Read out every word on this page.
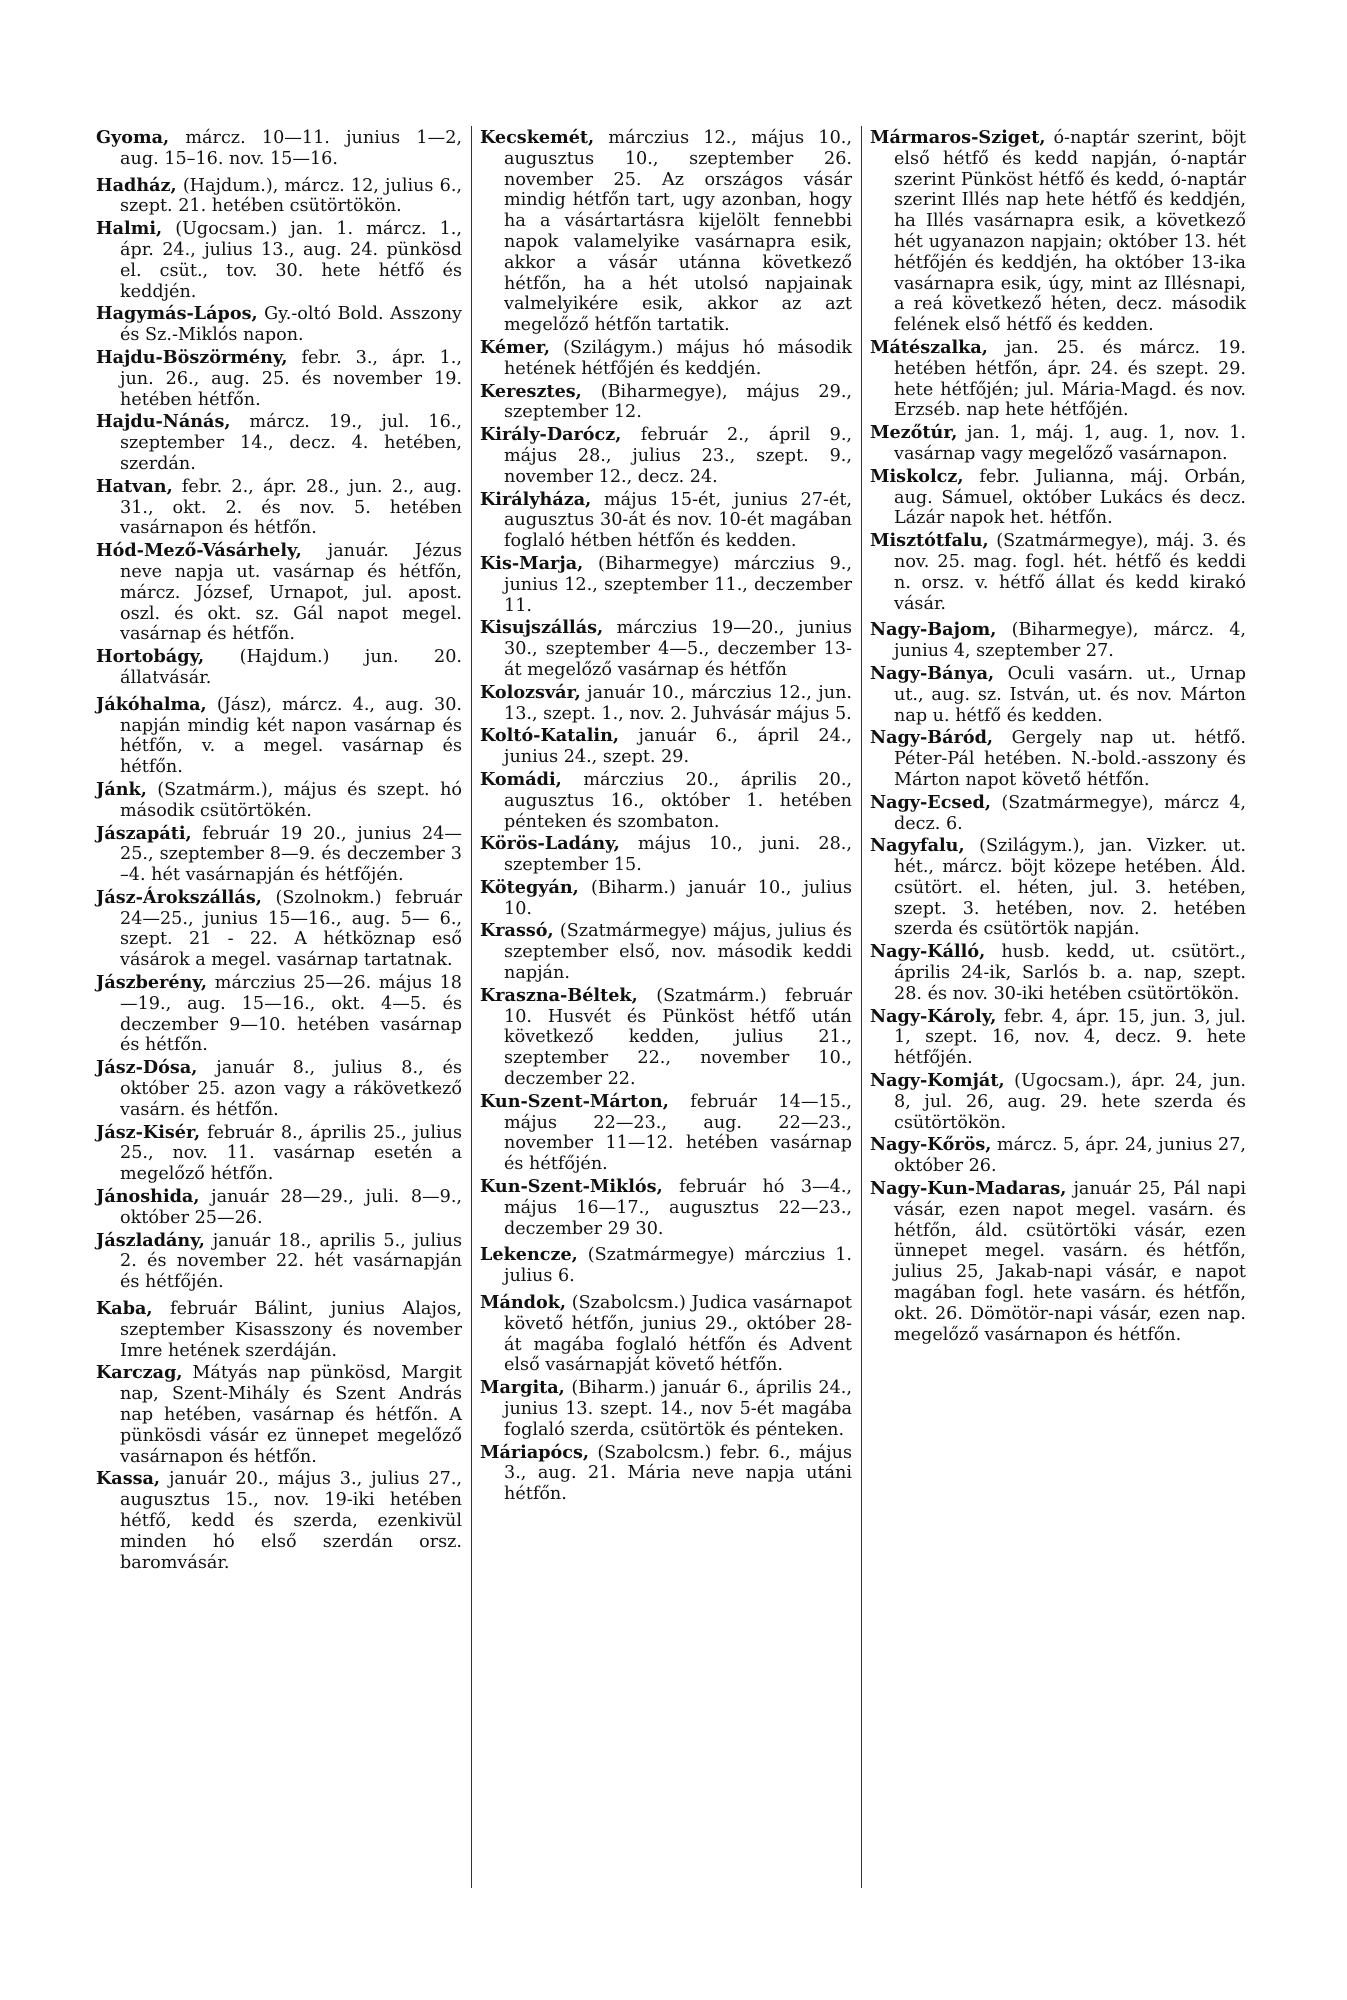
Gyoma, márcz. 10—11. junius 1—2, aug. 15–16. nov. 15—16.

Hadház, (Hajdum.), márcz. 12, julius 6., szept. 21. hetében csütörtökön.

Halmi, (Ugocsam.) jan. 1. márcz. 1., ápr. 24., julius 13., aug. 24. pünkösd el. csüt., tov. 30. hete hétfő és keddjén.

Hagymás-Lápos, Gy.-oltó Bold. Asszony és Sz.-Miklós napon.

Hajdu-Böszörmény, febr. 3., ápr. 1., jun. 26., aug. 25. és november 19. hetében hétfőn.

Hajdu-Nánás, márcz. 19., jul. 16., szeptember 14., decz. 4. hetében, szerdán.

Hatvan, febr. 2., ápr. 28., jun. 2., aug. 31., okt. 2. és nov. 5. hetében vasárnapon és hétfőn.

Hód-Mező-Vásárhely, január. Jézus neve napja ut. vasárnap és hétfőn, márcz. József, Urnapot, jul. apost. oszl. és okt. sz. Gál napot megel. vasárnap és hétfőn.

Hortobágy, (Hajdum.) jun. 20. állatvásár.

Jákóhalma, (Jász), márcz. 4., aug. 30. napján mindig két napon vasárnap és hétfőn, v. a megel. vasárnap és hétfőn.

Jánk, (Szatmárm.), május és szept. hó második csütörtökén.

Jászapáti, február 19 20., junius 24—25., szeptember 8—9. és deczember 3 –4. hét vasárnapján és hétfőjén.

Jász-Árokszállás, (Szolnokm.) február 24—25., junius 15—16., aug. 5— 6., szept. 21 - 22. A hétköznap eső vásárok a megel. vasárnap tartatnak.

Jászberény, márczius 25—26. május 18—19., aug. 15—16., okt. 4—5. és deczember 9—10. hetében vasárnap és hétfőn.

Jász-Dósa, január 8., julius 8., és október 25. azon vagy a rákövetkező vasárn. és hétfőn.

Jász-Kisér, február 8., április 25., julius 25., nov. 11. vasárnap esetén a megelőző hétfőn.

Jánoshida, január 28—29., juli. 8—9., október 25—26.

Jászladány, január 18., aprilis 5., julius 2. és november 22. hét vasárnapján és hétfőjén.

Kaba, február Bálint, junius Alajos, szeptember Kisasszony és november Imre hetének szerdáján.

Karczag, Mátyás nap pünkösd, Margit nap, Szent-Mihály és Szent András nap hetében, vasárnap és hétfőn. A pünkösdi vásár ez ünnepet megelőző vasárnapon és hétfőn.

Kassa, január 20., május 3., julius 27., augusztus 15., nov. 19-iki hetében hétfő, kedd és szerda, ezenkivül minden hó első szerdán orsz. baromvásár.

Kecskemét, márczius 12., május 10., augusztus 10., szeptember 26. november 25. Az országos vásár mindig hétfőn tart, ugy azonban, hogy ha a vásártartásra kijelölt fennebbi napok valamelyike vasárnapra esik, akkor a vásár utánna következő hétfőn, ha a hét utolsó napjainak valmelyikére esik, akkor az azt megelőző hétfőn tartatik.

Kémer, (Szilágym.) május hó második hetének hétfőjén és keddjén.

Keresztes, (Biharmegye), május 29., szeptember 12.

Király-Darócz, február 2., ápril 9., május 28., julius 23., szept. 9., november 12., decz. 24.

Királyháza, május 15-ét, junius 27-ét, augusztus 30-át és nov. 10-ét magában foglaló hétben hétfőn és kedden.

Kis-Marja, (Biharmegye) márczius 9., junius 12., szeptember 11., deczember 11.

Kisujszállás, márczius 19—20., junius 30., szeptember 4—5., deczember 13-át megelőző vasárnap és hétfőn

Kolozsvár, január 10., márczius 12., jun. 13., szept. 1., nov. 2. Juhvásár május 5.

Koltó-Katalin, január 6., ápril 24., junius 24., szept. 29.

Komádi, márczius 20., április 20., augusztus 16., október 1. hetében pénteken és szombaton.

Körös-Ladány, május 10., juni. 28., szeptember 15.

Kötegyán, (Biharm.) január 10., julius 10.

Krassó, (Szatmármegye) május, julius és szeptember első, nov. második keddi napján.

Kraszna-Béltek, (Szatmárm.) február 10. Husvét és Pünköst hétfő után következő kedden, julius 21., szeptember 22., november 10., deczember 22.

Kun-Szent-Márton, február 14—15., május 22—23., aug. 22—23., november 11—12. hetében vasárnap és hétfőjén.

Kun-Szent-Miklós, február hó 3—4., május 16—17., augusztus 22—23., deczember 29 30.

Lekencze, (Szatmármegye) márczius 1. julius 6.

Mándok, (Szabolcsm.) Judica vasárnapot követő hétfőn, junius 29., október 28-át magába foglaló hétfőn és Advent első vasárnapját követő hétfőn.

Margita, (Biharm.) január 6., április 24., junius 13. szept. 14., nov 5-ét magába foglaló szerda, csütörtök és pénteken.

Máriapócs, (Szabolcsm.) febr. 6., május 3., aug. 21. Mária neve napja utáni hétfőn.

Mármaros-Sziget, ó-naptár szerint, böjt első hétfő és kedd napján, ó-naptár szerint Pünköst hétfő és kedd, ó-naptár szerint Illés nap hete hétfő és keddjén, ha Illés vasárnapra esik, a következő hét ugyanazon napjain; október 13. hét hétfőjén és keddjén, ha október 13-ika vasárnapra esik, úgy, mint az Illésnapi, a reá következő héten, decz. második felének első hétfő és kedden.

Mátészalka, jan. 25. és márcz. 19. hetében hétfőn, ápr. 24. és szept. 29. hete hétfőjén; jul. Mária-Magd. és nov. Erzséb. nap hete hétfőjén.

Mezőtúr, jan. 1, máj. 1, aug. 1, nov. 1. vasárnap vagy megelőző vasárnapon.

Miskolcz, febr. Julianna, máj. Orbán, aug. Sámuel, október Lukács és decz. Lázár napok het. hétfőn.

Misztótfalu, (Szatmármegye), máj. 3. és nov. 25. mag. fogl. hét. hétfő és keddi n. orsz. v. hétfő állat és kedd kirakó vásár.

Nagy-Bajom, (Biharmegye), márcz. 4, junius 4, szeptember 27.

Nagy-Bánya, Oculi vasárn. ut., Urnap ut., aug. sz. István, ut. és nov. Márton nap u. hétfő és kedden.

Nagy-Báród, Gergely nap ut. hétfő. Péter-Pál hetében. N.-bold.-asszony és Márton napot követő hétfőn.

Nagy-Ecsed, (Szatmármegye), márcz 4, decz. 6.

Nagyfalu, (Szilágym.), jan. Vizker. ut. hét., márcz. böjt közepe hetében. Áld. csütört. el. héten, jul. 3. hetében, szept. 3. hetében, nov. 2. hetében szerda és csütörtök napján.

Nagy-Kálló, husb. kedd, ut. csütört., április 24-ik, Sarlós b. a. nap, szept. 28. és nov. 30-iki hetében csütörtökön.

Nagy-Károly, febr. 4, ápr. 15, jun. 3, jul. 1, szept. 16, nov. 4, decz. 9. hete hétfőjén.

Nagy-Komját, (Ugocsam.), ápr. 24, jun. 8, jul. 26, aug. 29. hete szerda és csütörtökön.

Nagy-Kőrös, márcz. 5, ápr. 24, junius 27, október 26.

Nagy-Kun-Madaras, január 25, Pál napi vásár, ezen napot megel. vasárn. és hétfőn, áld. csütörtöki vásár, ezen ünnepet megel. vasárn. és hétfőn, julius 25, Jakab-napi vásár, e napot magában fogl. hete vasárn. és hétfőn, okt. 26. Dömötör-napi vásár, ezen nap. megelőző vasárnapon és hétfőn.
